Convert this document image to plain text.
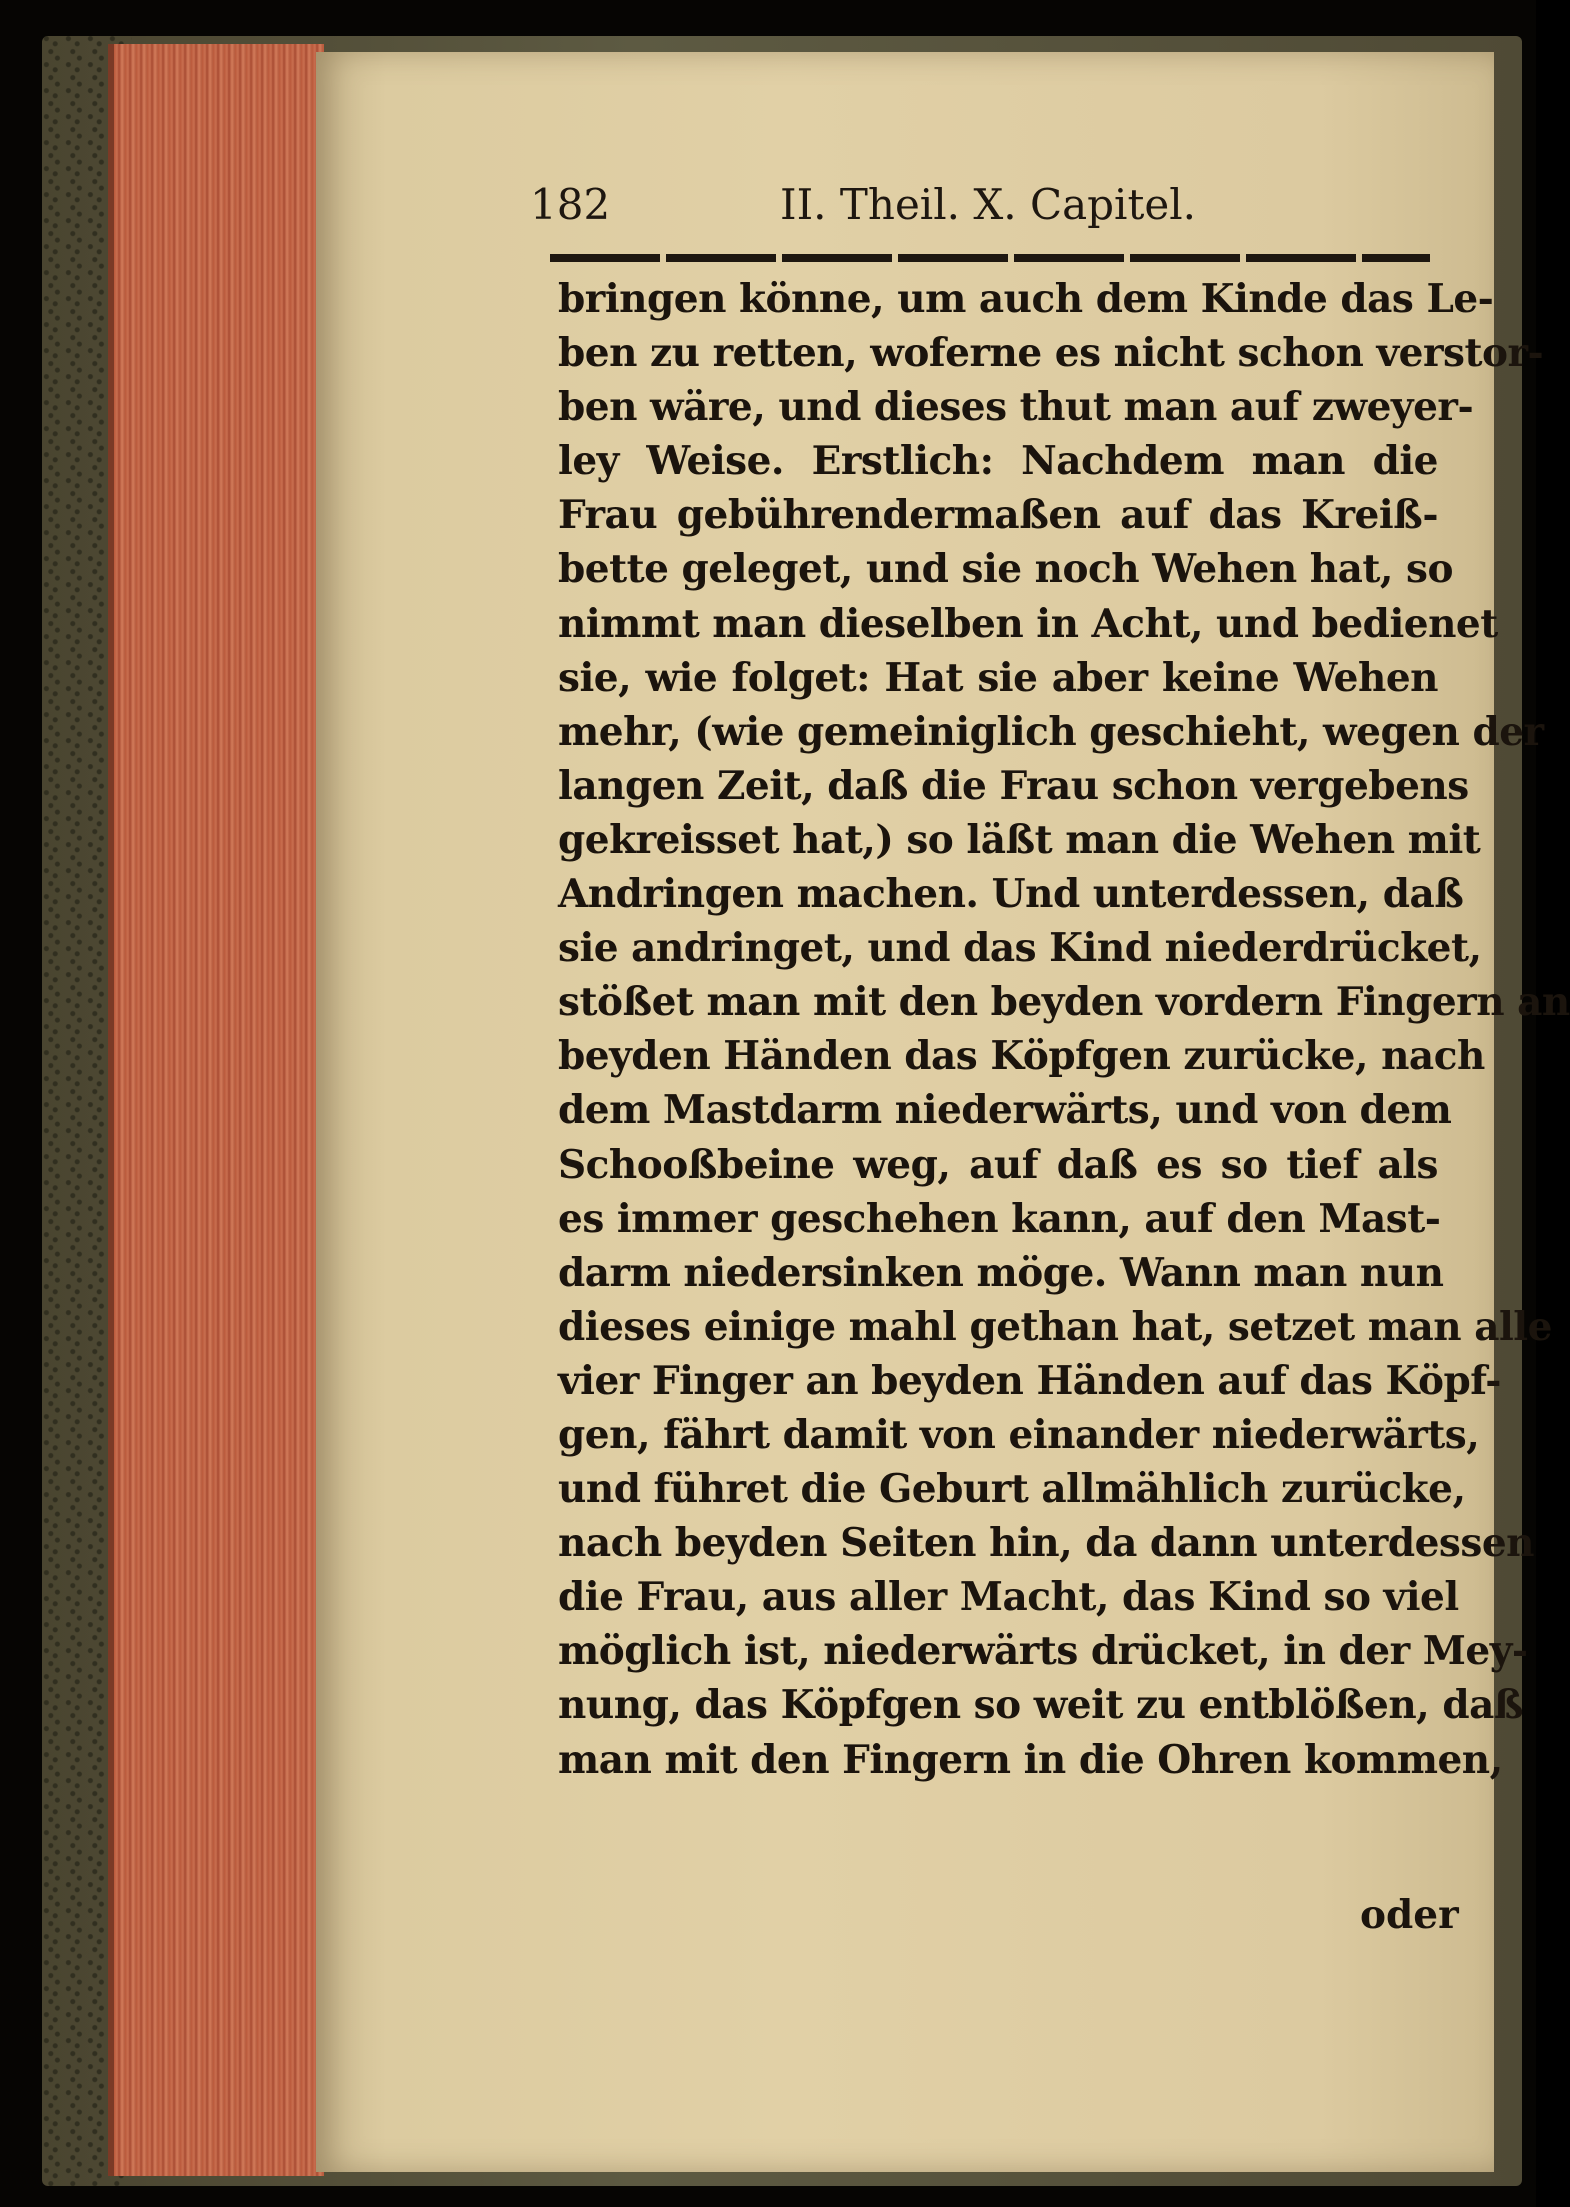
182	II. Theil. X. Capitel.
bringen könne, um auch dem Kinde das Le-
ben zu retten, woferne es nicht schon verstor-
ben wäre, und dieses thut man auf zweyer-
ley Weise. Erstlich: Nachdem man die
Frau gebührendermaßen auf das Kreiß-
bette geleget, und sie noch Wehen hat, so
nimmt man dieselben in Acht, und bedienet
sie, wie folget: Hat sie aber keine Wehen
mehr, (wie gemeiniglich geschieht, wegen der
langen Zeit, daß die Frau schon vergebens
gekreisset hat,) so läßt man die Wehen mit
Andringen machen. Und unterdessen, daß
sie andringet, und das Kind niederdrücket,
stößet man mit den beyden vordern Fingern an
beyden Händen das Köpfgen zurücke, nach
dem Mastdarm niederwärts, und von dem
Schooßbeine weg, auf daß es so tief als
es immer geschehen kann, auf den Mast-
darm niedersinken möge. Wann man nun
dieses einige mahl gethan hat, setzet man alle
vier Finger an beyden Händen auf das Köpf-
gen, fährt damit von einander niederwärts,
und führet die Geburt allmählich zurücke,
nach beyden Seiten hin, da dann unterdessen
die Frau, aus aller Macht, das Kind so viel
möglich ist, niederwärts drücket, in der Mey-
nung, das Köpfgen so weit zu entblößen, daß
man mit den Fingern in die Ohren kommen,
oder
